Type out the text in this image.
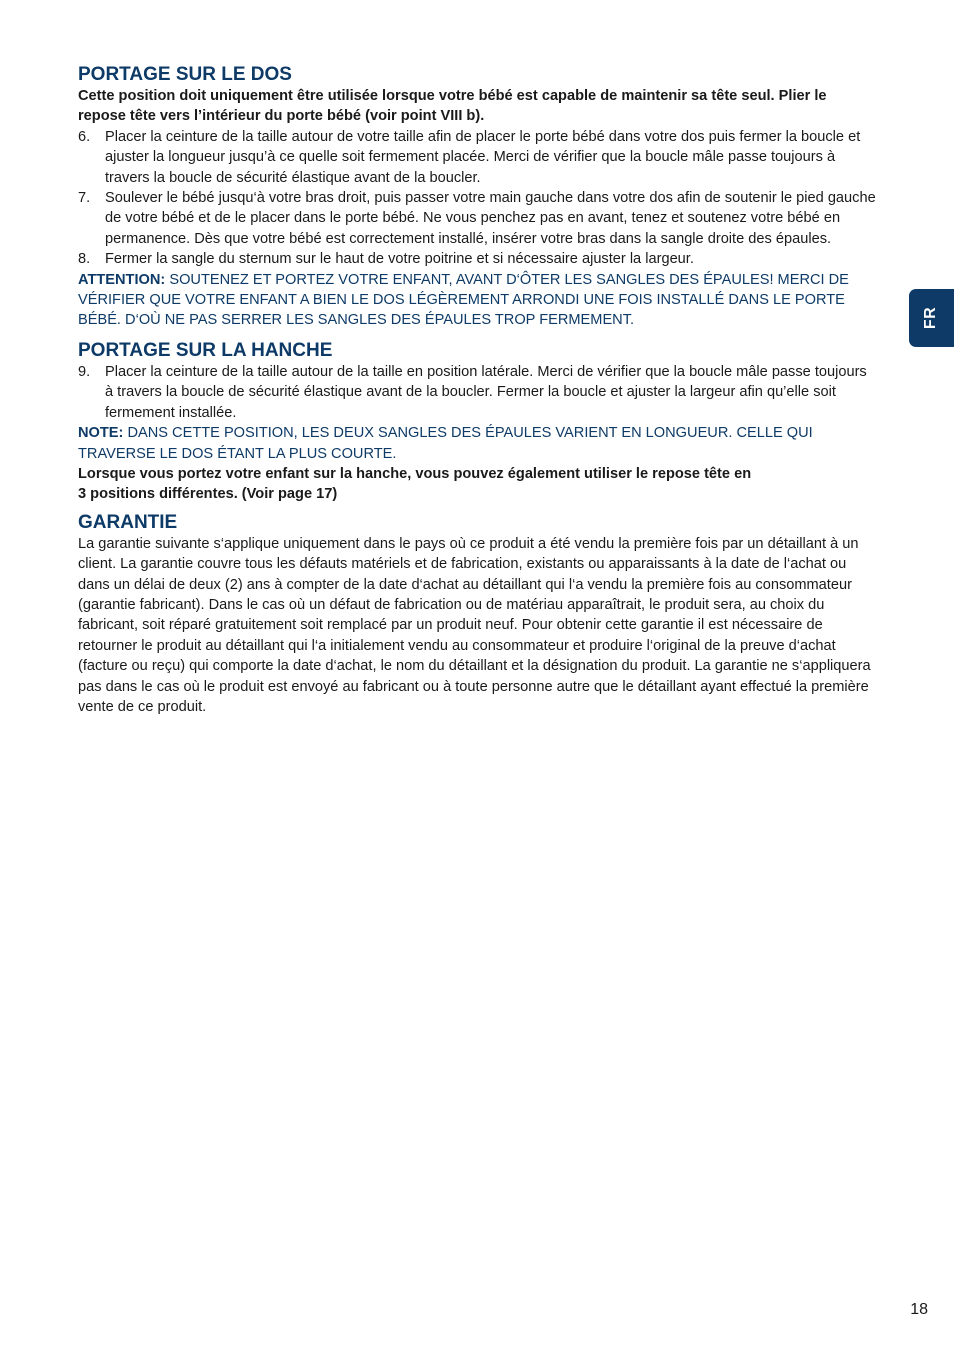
FR
PORTAGE SUR LE DOS

Cette position doit uniquement être utilisée lorsque votre bébé est capable de maintenir sa tête seul. Plier le repose tête vers l’intérieur du porte bébé (voir point VIII b).

6. Placer la ceinture de la taille autour de votre taille afin de placer le porte bébé dans votre dos puis fermer la boucle et ajuster la longueur jusqu’à ce quelle soit fermement placée. Merci de vérifier que la boucle mâle passe toujours à travers la boucle de sécurité élastique avant de la boucler.
7. Soulever le bébé jusqu‘à votre bras droit, puis passer votre main gauche dans votre dos afin de soutenir le pied gauche de votre bébé et de le placer dans le porte bébé. Ne vous penchez pas en avant, tenez et soutenez votre bébé en permanence. Dès que votre bébé est correctement installé, insérer votre bras dans la sangle droite des épaules.
8. Fermer la sangle du sternum sur le haut de votre poitrine et si nécessaire ajuster la largeur.

ATTENTION: SOUTENEZ ET PORTEZ VOTRE ENFANT, AVANT D‘ÔTER LES SANGLES DES ÉPAULES! MERCI DE VÉRIFIER QUE VOTRE ENFANT A BIEN LE DOS LÉGÈREMENT ARRONDI UNE FOIS INSTALLÉ DANS LE PORTE BÉBÉ. D‘OÙ NE PAS SERRER LES SANGLES DES ÉPAULES TROP FERMEMENT.

PORTAGE SUR LA HANCHE
9. Placer la ceinture de la taille autour de la taille en position latérale. Merci de vérifier que la boucle mâle passe toujours à travers la boucle de sécurité élastique avant de la boucler. Fermer la boucle et ajuster la largeur afin qu’elle soit fermement installée.

NOTE: DANS CETTE POSITION, LES DEUX SANGLES DES ÉPAULES VARIENT EN LONGUEUR. CELLE QUI TRAVERSE LE DOS ÉTANT LA PLUS COURTE.

Lorsque vous portez votre enfant sur la hanche, vous pouvez également utiliser le repose tête en
3 positions différentes. (Voir page 17)

GARANTIE

La garantie suivante s‘applique uniquement dans le pays où ce produit a été vendu la première fois par un détaillant à un client. La garantie couvre tous les défauts matériels et de fabrication, existants ou apparaissants à la date de l‘achat ou dans un délai de deux (2) ans à compter de la date d‘achat au détaillant qui l‘a vendu la première fois au consommateur (garantie fabricant). Dans le cas où un défaut de fabrication ou de matériau apparaîtrait, le produit sera, au choix du fabricant, soit réparé gratuitement soit remplacé par un produit neuf. Pour obtenir cette garantie il est nécessaire de retourner le produit au détaillant qui l‘a initialement vendu au consommateur et produire l‘original de la preuve d‘achat (facture ou reçu) qui comporte la date d‘achat, le nom du détaillant et la désignation du produit. La garantie ne s‘appliquera pas dans le cas où le produit est envoyé au fabricant ou à toute personne autre que le détaillant ayant effectué la première vente de ce produit.

18
